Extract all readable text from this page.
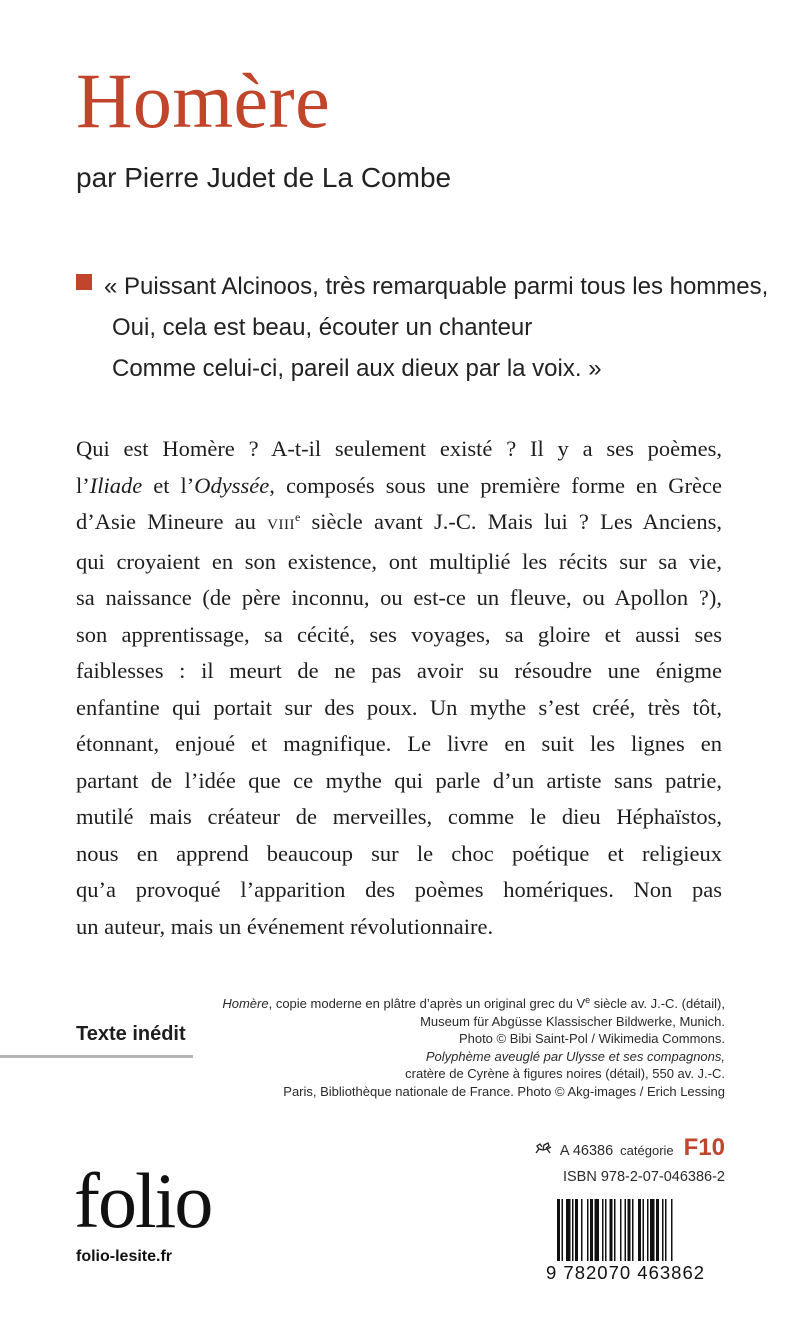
Homère
par Pierre Judet de La Combe
« Puissant Alcinoos, très remarquable parmi tous les hommes,
Oui, cela est beau, écouter un chanteur
Comme celui-ci, pareil aux dieux par la voix. »
Qui est Homère ? A-t-il seulement existé ? Il y a ses poèmes,
l’Iliade et l’Odyssée, composés sous une première forme en Grèce
d’Asie Mineure au VIIIe siècle avant J.-C. Mais lui ? Les Anciens,
qui croyaient en son existence, ont multiplié les récits sur sa vie,
sa naissance (de père inconnu, ou est-ce un fleuve, ou Apollon ?),
son apprentissage, sa cécité, ses voyages, sa gloire et aussi ses
faiblesses : il meurt de ne pas avoir su résoudre une énigme
enfantine qui portait sur des poux. Un mythe s’est créé, très tôt,
étonnant, enjoué et magnifique. Le livre en suit les lignes en
partant de l’idée que ce mythe qui parle d’un artiste sans patrie,
mutilé mais créateur de merveilles, comme le dieu Héphaïstos,
nous en apprend beaucoup sur le choc poétique et religieux
qu’a provoqué l’apparition des poèmes homériques. Non pas
un auteur, mais un événement révolutionnaire.
Texte inédit
Homère, copie moderne en plâtre d’après un original grec du Ve siècle av. J.-C. (détail),
Museum für Abgüsse Klassischer Bildwerke, Munich.
Photo © Bibi Saint-Pol / Wikimedia Commons.
Polyphème aveuglé par Ulysse et ses compagnons,
cratère de Cyrène à figures noires (détail), 550 av. J.-C.
Paris, Bibliothèque nationale de France. Photo © Akg-images / Erich Lessing
A 46386 catégorie F10
ISBN 978-2-07-046386-2
9 782070 463862
folio
folio-lesite.fr
